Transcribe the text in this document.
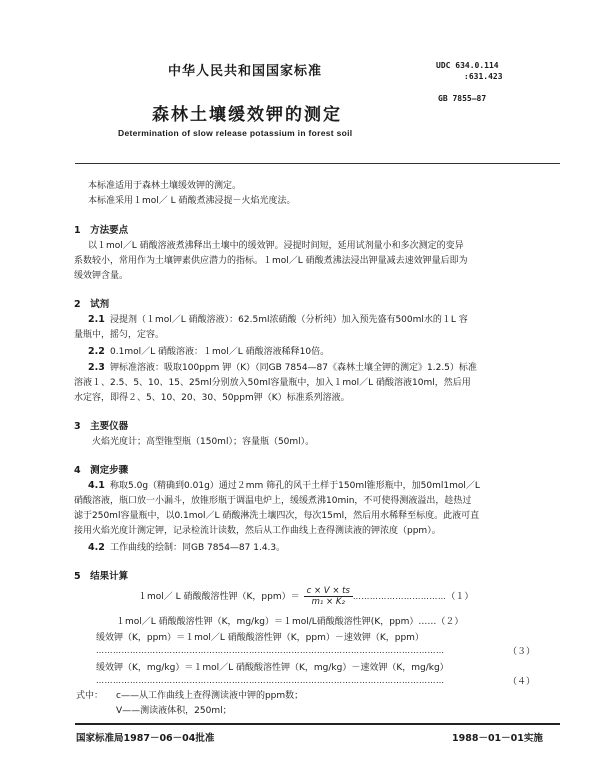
中华人民共和国国家标准	UDC 634.0.114
:631.423
GB 7855—87
森林土壤缓效钾的测定
Determination of slow release potassium in forest soil
本标准适用于森林土壤缓效钾的测定。
本标准采用１mol／ L 硝酸煮沸浸提－火焰光度法。
1　方法要点
以１mol／L 硝酸溶液煮沸释出土壤中的缓效钾。浸提时间短，延用试剂量小和多次测定的变异
系数较小，常用作为土壤钾素供应潜力的指标。１mol／L 硝酸煮沸法浸出钾量减去速效钾量后即为
缓效钾含量。
2　试剂
2.1 浸提剂（１mol／L 硝酸溶液）：62.5ml浓硝酸（分析纯）加入预先盛有500ml水的１L 容
量瓶中，摇匀，定容。
2.2 0.1mol／L 硝酸溶液：１mol／L 硝酸溶液稀释10倍。
2.3 钾标准溶液：吸取100ppm 钾（K）（同GB 7854—87《森林土壤全钾的测定》1.2.5）标准
溶液１、2.5、5、10、15、25ml分别放入50ml容量瓶中，加入１mol／L 硝酸溶液10ml，然后用
水定容，即得２、5、10、20、30、50ppm钾（K）标准系列溶液。
3　主要仪器
火焰光度计；高型锥型瓶（150ml）；容量瓶（50ml）。
4　测定步骤
4.1 称取5.0g（精确到0.01g）通过２mm 筛孔的风干土样于150ml锥形瓶中，加50ml1mol／L
硝酸溶液，瓶口放一小漏斗，放锥形瓶于调温电炉上，缓缓煮沸10min，不可使得测液溢出，趁热过
滤于250ml容量瓶中，以0.1mol／L 硝酸淋洗土壤四次，每次15ml，然后用水稀释至标度。此液可直
接用火焰光度计测定钾，记录检流计读数，然后从工作曲线上查得测读液的钾浓度（ppm）。
4.2 工作曲线的绘制：同GB 7854—87 1.4.3。
5　结果计算
１mol／ L 硝酸酸溶性钾（K，$ppm)= \frac{c \times V \times ts}{\text{m₁ × K₂}}$ ……………………………（１）
１mol／L 硝酸酸溶性钾（K，mg/kg）＝１mol/L硝酸酸溶性钾(K，ppm）……（２）
缓效钾（K，ppm）＝１mol／L 硝酸酸溶性钾（K，ppm）－速效钾（K，ppm）
……………………………………………………………………………………………………………	（３）
缓效钾（K，mg/kg）＝１mol／L 硝酸酸溶性钾（K，mg/kg）－速效钾（K，mg/kg）
……………………………………………………………………………………………………………	（４）
式中： c——从工作曲线上查得测读液中钾的ppm数；
V——测读液体积，250ml；
国家标准局1987－06－04批准	1988－01－01实施
